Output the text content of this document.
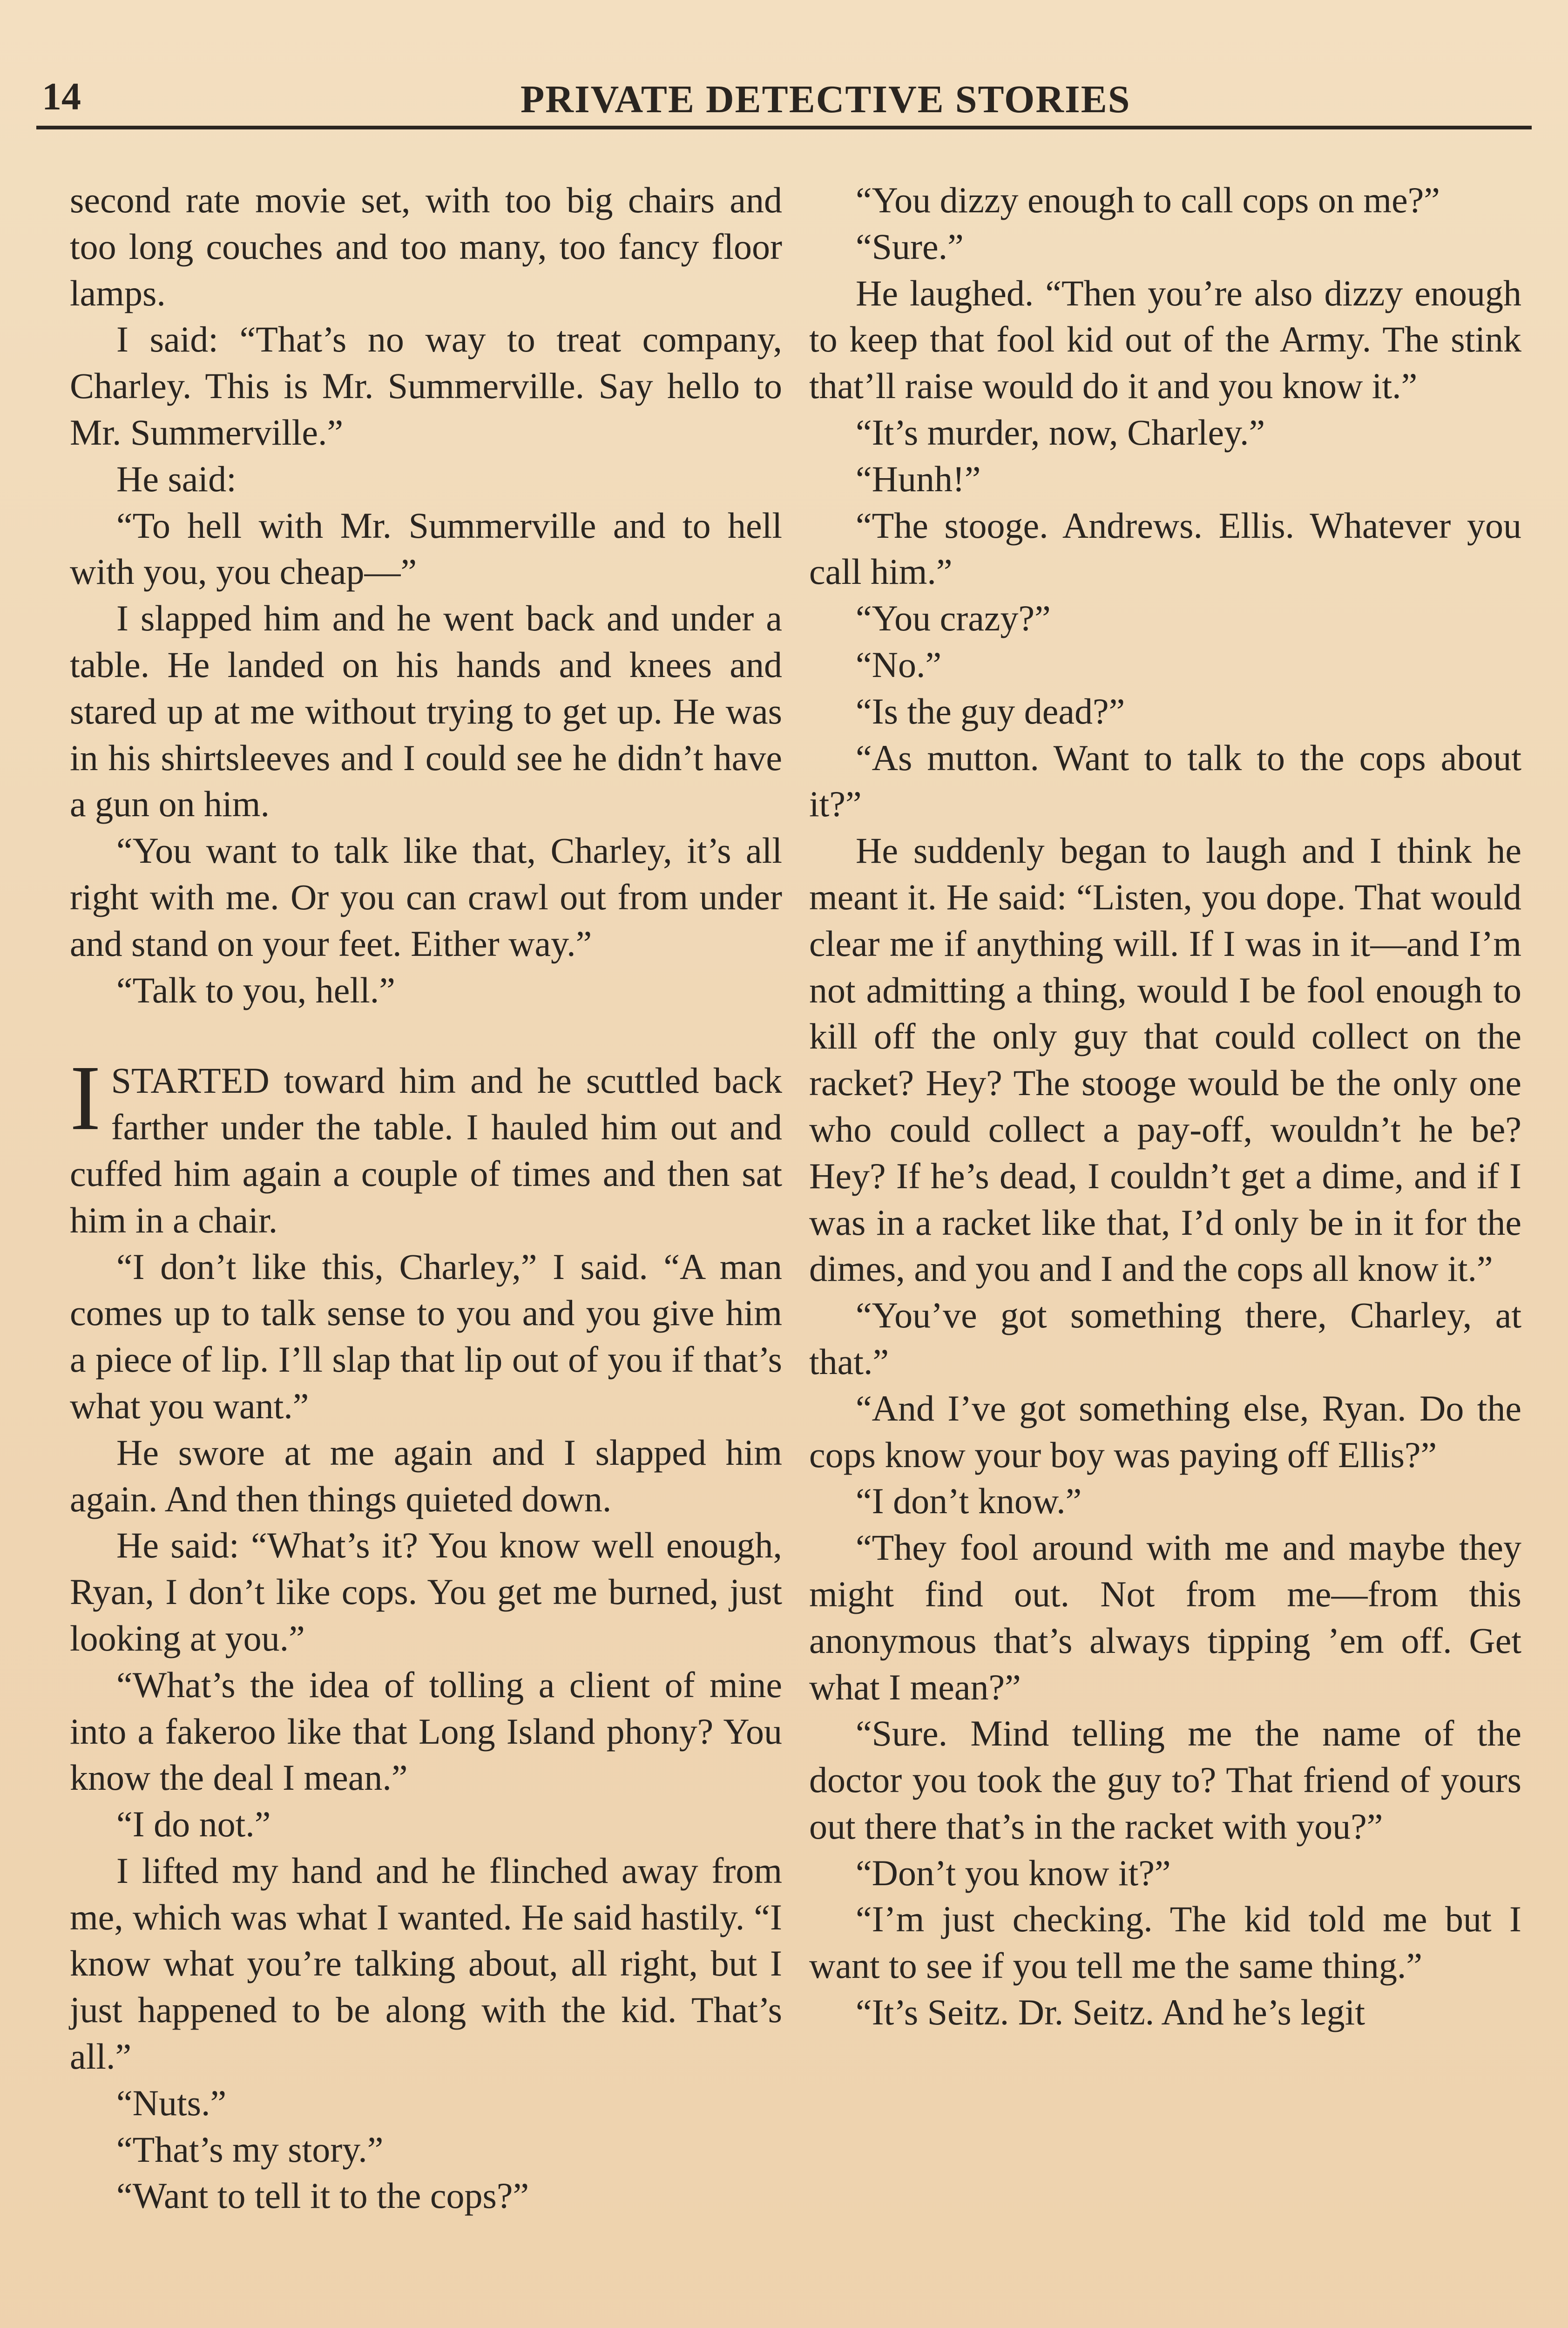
14	PRIVATE DETECTIVE STORIES

second rate movie set, with too big chairs and too long couches and too many, too fancy floor lamps.

I said: “That’s no way to treat company, Charley. This is Mr. Summerville. Say hello to Mr. Summerville.”

He said:

“To hell with Mr. Summerville and to hell with you, you cheap—”

I slapped him and he went back and under a table. He landed on his hands and knees and stared up at me without trying to get up. He was in his shirtsleeves and I could see he didn’t have a gun on him.

“You want to talk like that, Charley, it’s all right with me. Or you can crawl out from under and stand on your feet. Either way.”

“Talk to you, hell.”

ISTARTED toward him and he scuttled back farther under the table. I hauled him out and cuffed him again a couple of times and then sat him in a chair.

“I don’t like this, Charley,” I said. “A man comes up to talk sense to you and you give him a piece of lip. I’ll slap that lip out of you if that’s what you want.”

He swore at me again and I slapped him again. And then things quieted down.

He said: “What’s it? You know well enough, Ryan, I don’t like cops. You get me burned, just looking at you.”

“What’s the idea of tolling a client of mine into a fakeroo like that Long Island phony? You know the deal I mean.”

“I do not.”

I lifted my hand and he flinched away from me, which was what I wanted. He said hastily. “I know what you’re talking about, all right, but I just happened to be along with the kid. That’s all.”

“Nuts.”

“That’s my story.”

“Want to tell it to the cops?”

“You dizzy enough to call cops on me?”

“Sure.”

He laughed. “Then you’re also dizzy enough to keep that fool kid out of the Army. The stink that’ll raise would do it and you know it.”

“It’s murder, now, Charley.”

“Hunh!”

“The stooge. Andrews. Ellis. Whatever you call him.”

“You crazy?”

“No.”

“Is the guy dead?”

“As mutton. Want to talk to the cops about it?”

He suddenly began to laugh and I think he meant it. He said: “Listen, you dope. That would clear me if anything will. If I was in it—and I’m not admitting a thing, would I be fool enough to kill off the only guy that could collect on the racket? Hey? The stooge would be the only one who could collect a pay-off, wouldn’t he be? Hey? If he’s dead, I couldn’t get a dime, and if I was in a racket like that, I’d only be in it for the dimes, and you and I and the cops all know it.”

“You’ve got something there, Charley, at that.”

“And I’ve got something else, Ryan. Do the cops know your boy was paying off Ellis?”

“I don’t know.”

“They fool around with me and maybe they might find out. Not from me—from this anonymous that’s always tipping ’em off. Get what I mean?”

“Sure. Mind telling me the name of the doctor you took the guy to? That friend of yours out there that’s in the racket with you?”

“Don’t you know it?”

“I’m just checking. The kid told me but I want to see if you tell me the same thing.”

“It’s Seitz. Dr. Seitz. And he’s legit
